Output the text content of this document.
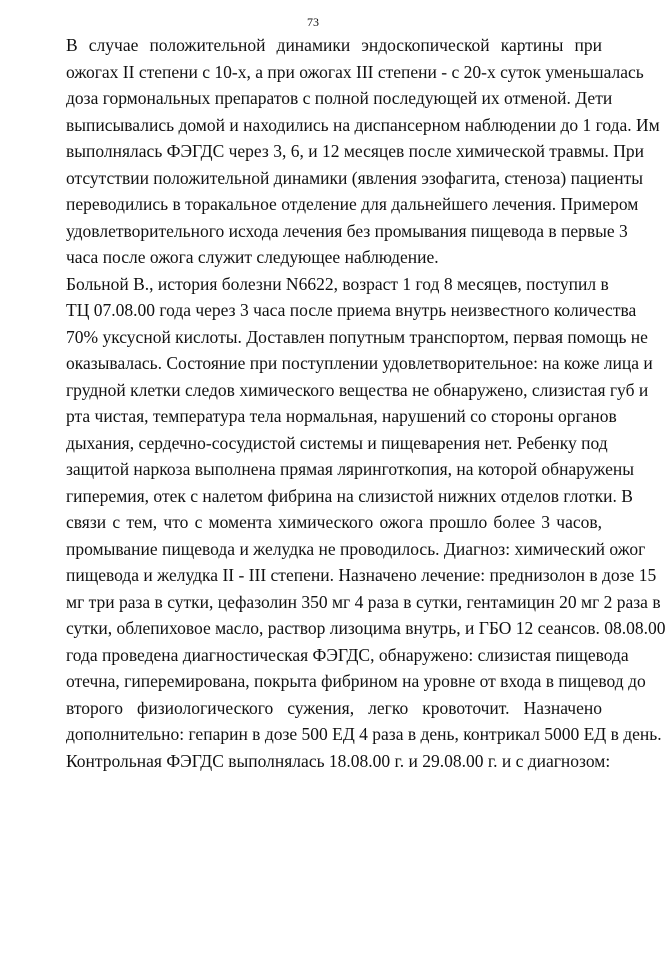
73
В случае положительной динамики эндоскопической картины при
ожогах II степени с 10-х, а при ожогах III степени - с 20-х суток уменьшалась
доза гормональных препаратов с полной последующей их отменой. Дети
выписывались домой и находились на диспансерном наблюдении до 1 года. Им
выполнялась ФЭГДС через 3, 6, и 12 месяцев после химической травмы. При
отсутствии положительной динамики (явления эзофагита, стеноза) пациенты
переводились в торакальное отделение для дальнейшего лечения. Примером
удовлетворительного исхода лечения без промывания пищевода в первые 3
часа после ожога служит следующее наблюдение.
Больной В., история болезни N6622, возраст 1 год 8 месяцев, поступил в
ТЦ 07.08.00 года через 3 часа после приема внутрь неизвестного количества
70% уксусной кислоты. Доставлен попутным транспортом, первая помощь не
оказывалась. Состояние при поступлении удовлетворительное: на коже лица и
грудной клетки следов химического вещества не обнаружено, слизистая губ и
рта чистая, температура тела нормальная, нарушений со стороны органов
дыхания, сердечно-сосудистой системы и пищеварения нет. Ребенку под
защитой наркоза выполнена прямая ляринготкопия, на которой обнаружены
гиперемия, отек с налетом фибрина на слизистой нижних отделов глотки. В
связи с тем, что с момента химического ожога прошло более 3 часов,
промывание пищевода и желудка не проводилось. Диагноз: химический ожог
пищевода и желудка II - III степени. Назначено лечение: преднизолон в дозе 15
мг три раза в сутки, цефазолин 350 мг 4 раза в сутки, гентамицин 20 мг 2 раза в
сутки, облепиховое масло, раствор лизоцима внутрь, и ГБО 12 сеансов. 08.08.00
года проведена диагностическая ФЭГДС, обнаружено: слизистая пищевода
отечна, гиперемирована, покрыта фибрином на уровне от входа в пищевод до
второго физиологического сужения, легко кровоточит. Назначено
дополнительно: гепарин в дозе 500 ЕД 4 раза в день, контрикал 5000 ЕД в день.
Контрольная ФЭГДС выполнялась 18.08.00 г. и 29.08.00 г. и с диагнозом:
